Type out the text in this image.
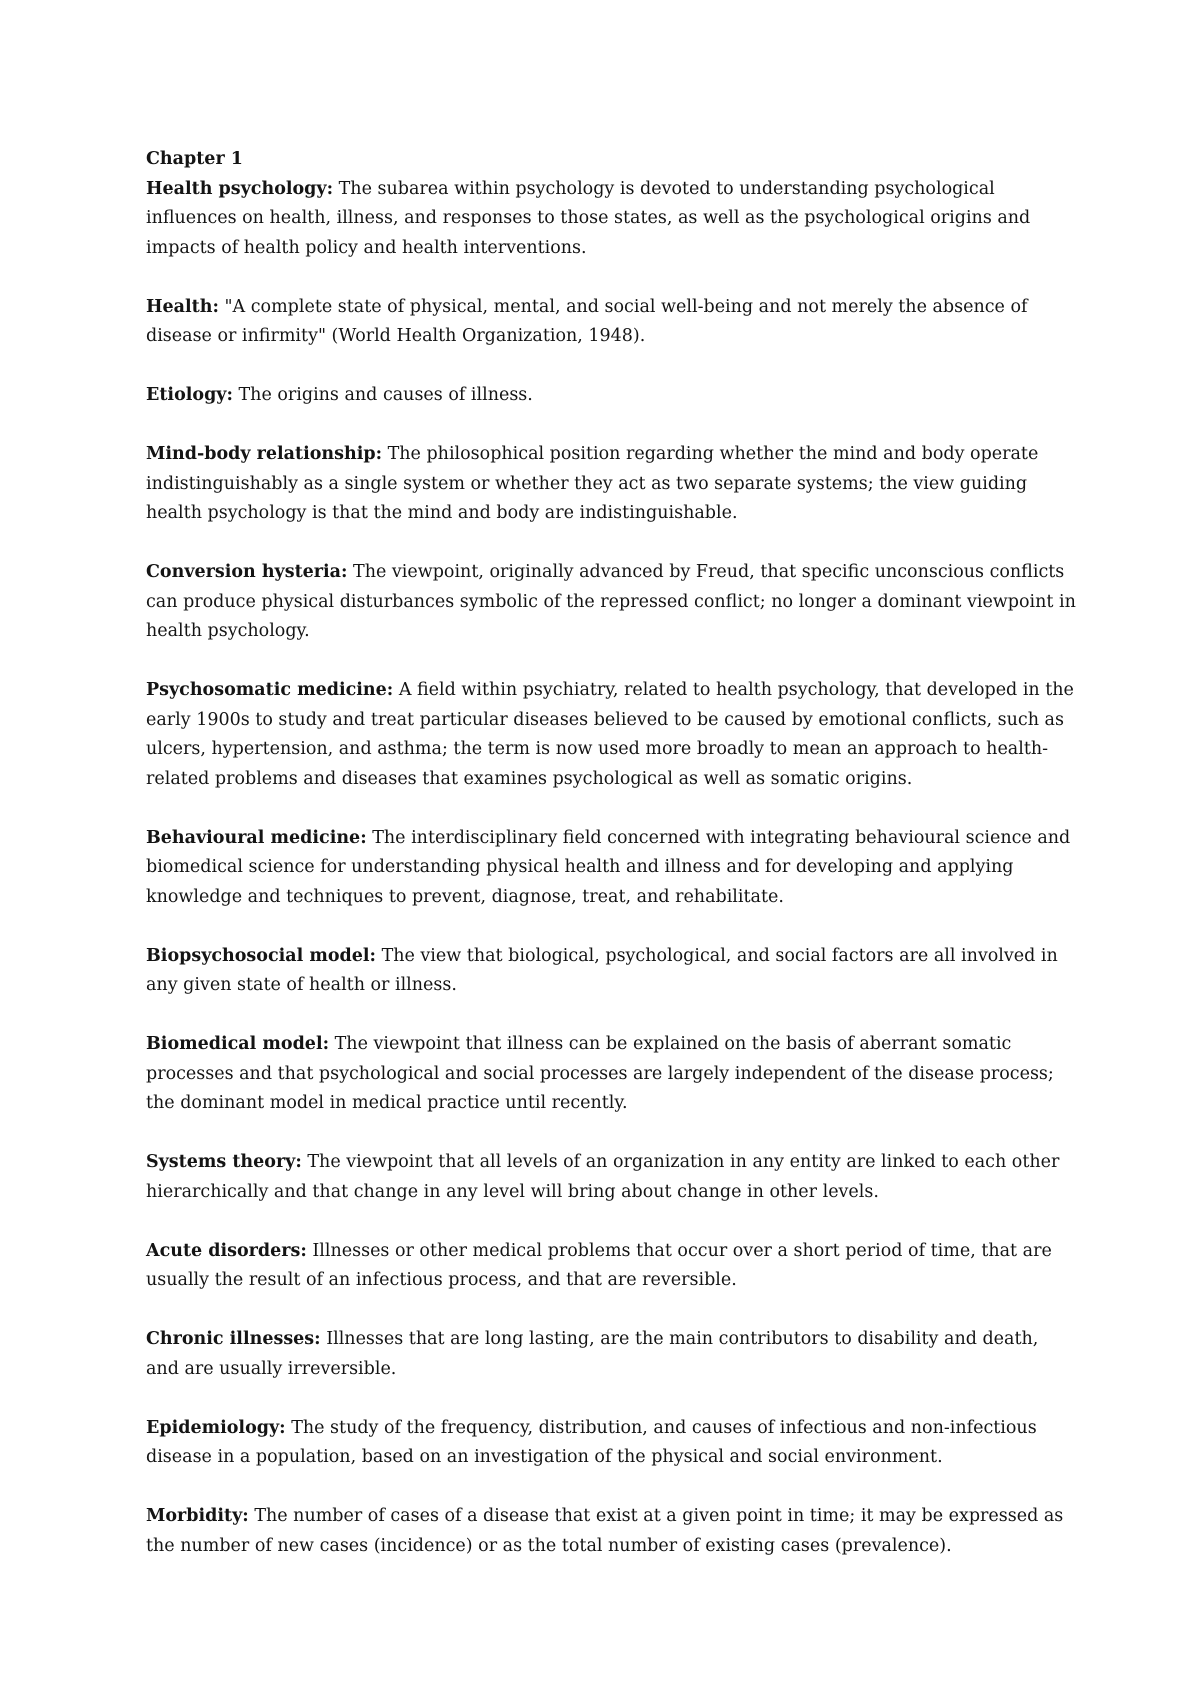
Chapter 1

Health psychology: The subarea within psychology is devoted to understanding psychological influences on health, illness, and responses to those states, as well as the psychological origins and impacts of health policy and health interventions.

Health: "A complete state of physical, mental, and social well-being and not merely the absence of disease or infirmity" (World Health Organization, 1948).

Etiology: The origins and causes of illness.

Mind-body relationship: The philosophical position regarding whether the mind and body operate indistinguishably as a single system or whether they act as two separate systems; the view guiding health psychology is that the mind and body are indistinguishable.

Conversion hysteria: The viewpoint, originally advanced by Freud, that specific unconscious conflicts can produce physical disturbances symbolic of the repressed conflict; no longer a dominant viewpoint in health psychology.

Psychosomatic medicine: A field within psychiatry, related to health psychology, that developed in the early 1900s to study and treat particular diseases believed to be caused by emotional conflicts, such as ulcers, hypertension, and asthma; the term is now used more broadly to mean an approach to health-related problems and diseases that examines psychological as well as somatic origins.

Behavioural medicine: The interdisciplinary field concerned with integrating behavioural science and biomedical science for understanding physical health and illness and for developing and applying knowledge and techniques to prevent, diagnose, treat, and rehabilitate.

Biopsychosocial model: The view that biological, psychological, and social factors are all involved in any given state of health or illness.

Biomedical model: The viewpoint that illness can be explained on the basis of aberrant somatic processes and that psychological and social processes are largely independent of the disease process; the dominant model in medical practice until recently.

Systems theory: The viewpoint that all levels of an organization in any entity are linked to each other hierarchically and that change in any level will bring about change in other levels.

Acute disorders: Illnesses or other medical problems that occur over a short period of time, that are usually the result of an infectious process, and that are reversible.

Chronic illnesses: Illnesses that are long lasting, are the main contributors to disability and death, and are usually irreversible.

Epidemiology: The study of the frequency, distribution, and causes of infectious and non-infectious disease in a population, based on an investigation of the physical and social environment.

Morbidity: The number of cases of a disease that exist at a given point in time; it may be expressed as the number of new cases (incidence) or as the total number of existing cases (prevalence).
